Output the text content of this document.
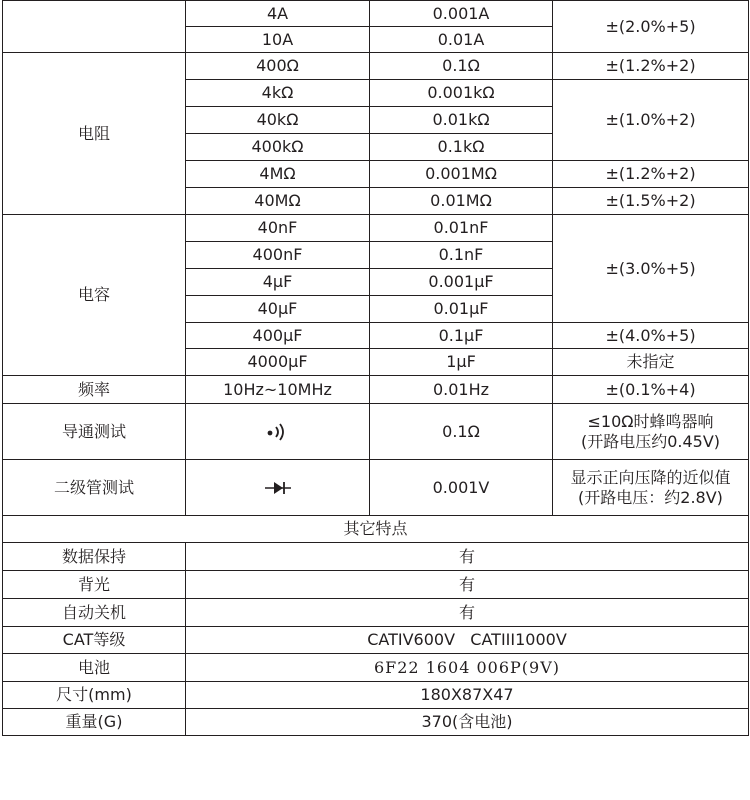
	4A	0.001A	±(2.0%+5)
	10A	0.01A	
电阻	400Ω	0.1Ω	±(1.2%+2)
	4kΩ	0.001kΩ	±(1.0%+2)
	40kΩ	0.01kΩ	
	400kΩ	0.1kΩ	
	4MΩ	0.001MΩ	±(1.2%+2)
	40MΩ	0.01MΩ	±(1.5%+2)
电容	40nF	0.01nF	±(3.0%+5)
	400nF	0.1nF	
	4μF	0.001μF	
	40μF	0.01μF	
	400μF	0.1μF	±(4.0%+5)
	4000μF	1μF	未指定
频率	10Hz~10MHz	0.01Hz	±(0.1%+4)
导通测试		0.1Ω	≤10Ω时蜂鸣器响
(开路电压约0.45V)

二级管测试		0.001V	显示正向压降的近似值
(开路电压：约2.8V)

其它特点			
数据保持	有		
背光	有		
自动关机	有		
CAT等级	CATIV600V   CATIII1000V		
电池	6F22 1604 006P(9V)		
尺寸(mm)	180X87X47		
重量(G)	370(含电池)		
